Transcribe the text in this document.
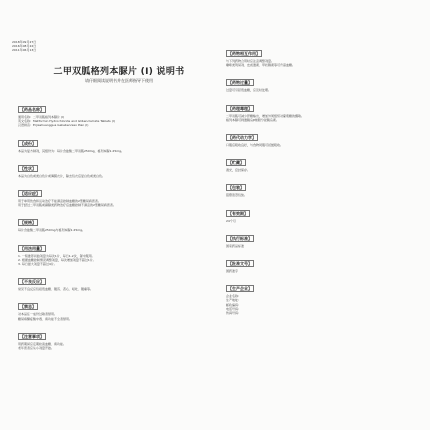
2018年09月27日
2016年08月22日
2011年06月13日
二甲双胍格列本脲片 (I) 说明书
请仔细阅读说明书并在医师指导下使用
【药品名称】
通用名称：二甲双胍格列本脲片 (I)
英文名称：Metformin Hydrochloride and Glibenclamide Tablets (I)
汉语拼音：Erjiashuanggua Geliebenniao Pian (I)
【成份】
本品为复方制剂，其组份为：每片含盐酸二甲双胍250mg，格列本脲1.25mg。
【性状】
本品为白色或类白色片或薄膜衣片，除去包衣后显白色或类白色。
【适应症】
用于单用饮食和运动治疗不能满意控制血糖的2型糖尿病患者。
用于经过二甲双胍或磺脲类药物治疗后血糖控制不满意的2型糖尿病患者。
【规格】
每片含盐酸二甲双胍250mg与格列本脲1.25mg。
【用法用量】
1. 一般推荐初始剂量为每次1片，每日1-2次，餐中服用。
2. 根据血糖控制情况调整剂量，每次增加剂量不超过1片。
3. 每日最大剂量不超过4片。
【不良反应】
常见不良反应包括低血糖、腹泻、恶心、呕吐、腹痛等。
【禁忌】
对本品任一成份过敏者禁用。
糖尿病酮症酸中毒、肾功能不全者禁用。
【注意事项】
用药期间应定期检查血糖、肾功能。
老年患者应从小剂量开始。
【药物相互作用】
与下列药物合用时应注意调整剂量。
噻嗪类利尿剂、皮质激素、甲状腺素等可升高血糖。
【药物过量】
过量可引起低血糖，应及时处理。
【药理毒理】
二甲双胍可减少肝糖输出，增加外周组织对葡萄糖的摄取。
格列本脲可刺激胰岛β细胞分泌胰岛素。
【药代动力学】
口服后吸收良好，与食物同服可延缓吸收。
【贮藏】
遮光，密封保存。
【包装】
铝塑泡罩包装。
【有效期】
24个月
【执行标准】
国家药品标准
【批准文号】
国药准字
【生产企业】
企业名称：
生产地址：
邮政编码：
电话号码：
传真号码：
